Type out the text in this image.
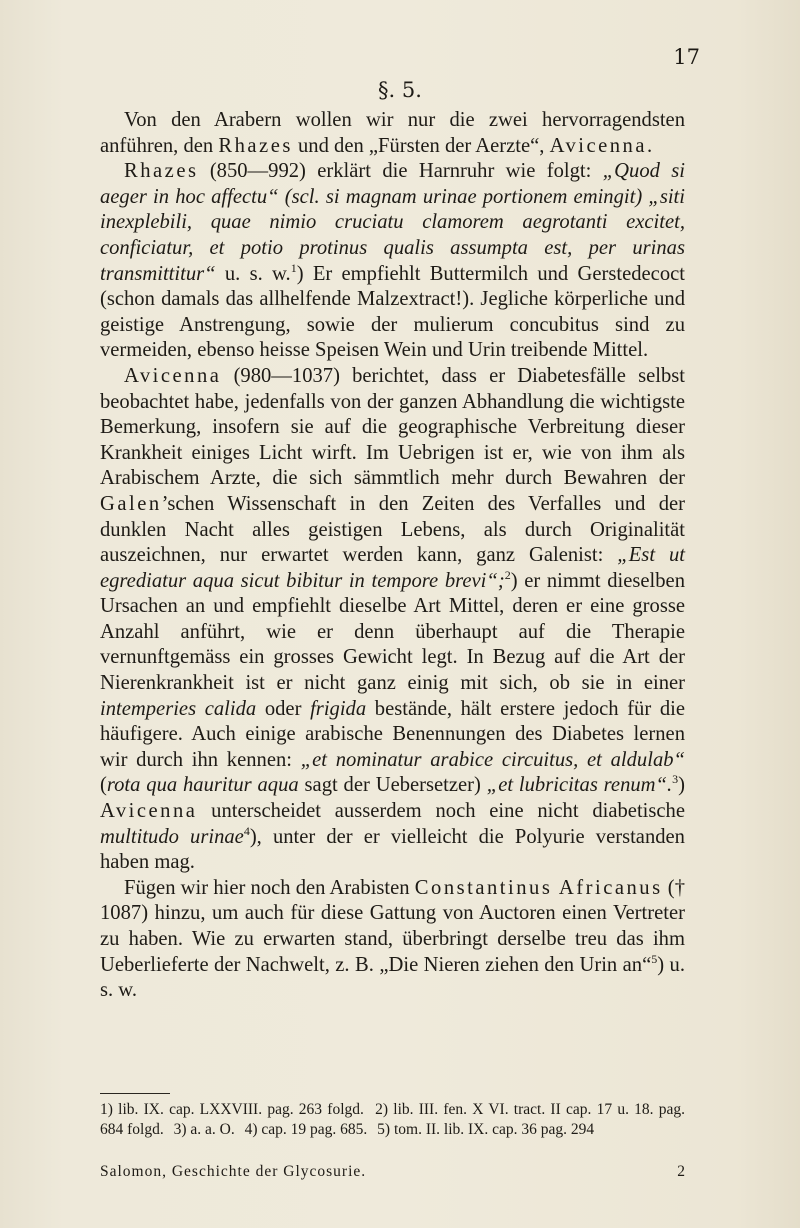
17
§. 5.

Von den Arabern wollen wir nur die zwei hervorragendsten anführen, den Rhazes und den „Fürsten der Aerzte“, Avicenna.

Rhazes (850—992) erklärt die Harnruhr wie folgt: „Quod si aeger in hoc affectu“ (scl. si magnam urinae portionem emingit) „siti inexplebili, quae nimio cruciatu clamorem aegrotanti excitet, conficiatur, et potio protinus qualis assumpta est, per urinas transmittitur“ u. s. w.$^1$) Er empfiehlt Buttermilch und Gerstedecoct (schon damals das allhelfende Malzextract!). Jegliche körperliche und geistige Anstrengung, sowie der mulierum concubitus sind zu vermeiden, ebenso heisse Speisen Wein und Urin treibende Mittel.

Avicenna (980—1037) berichtet, dass er Diabetesfälle selbst beobachtet habe, jedenfalls von der ganzen Abhandlung die wichtigste Bemerkung, insofern sie auf die geographische Verbreitung dieser Krankheit einiges Licht wirft. Im Uebrigen ist er, wie von ihm als Arabischem Arzte, die sich sämmtlich mehr durch Bewahren der Galen’schen Wissenschaft in den Zeiten des Verfalles und der dunklen Nacht alles geistigen Lebens, als durch Originalität auszeichnen, nur erwartet werden kann, ganz Galenist: „Est ut egrediatur aqua sicut bibitur in tempore brevi“;$^2$) er nimmt dieselben Ursachen an und empfiehlt dieselbe Art Mittel, deren er eine grosse Anzahl anführt, wie er denn überhaupt auf die Therapie vernunftgemäss ein grosses Gewicht legt. In Bezug auf die Art der Nierenkrankheit ist er nicht ganz einig mit sich, ob sie in einer intemperies calida oder frigida bestände, hält erstere jedoch für die häufigere. Auch einige arabische Benennungen des Diabetes lernen wir durch ihn kennen: „et nominatur arabice circuitus, et aldulab“ (rota qua hauritur aqua sagt der Uebersetzer) „et lubricitas renum“.$^3$) Avicenna unterscheidet ausserdem noch eine nicht diabetische multitudo urinae$^4$), unter der er vielleicht die Polyurie verstanden haben mag.

Fügen wir hier noch den Arabisten Constantinus Africanus († 1087) hinzu, um auch für diese Gattung von Auctoren einen Vertreter zu haben. Wie zu erwarten stand, überbringt derselbe treu das ihm Ueberlieferte der Nachwelt, z. B. „Die Nieren ziehen den Urin an“$^5$) u. s. w.

1) lib. IX. cap. LXXVIII. pag. 263 folgd. 2) lib. III. fen. X VI. tract. II cap. 17 u. 18. pag. 684 folgd. 3) a. a. O. 4) cap. 19 pag. 685. 5) tom. II. lib. IX. cap. 36 pag. 294
Salomon, Geschichte der Glycosurie.	2
